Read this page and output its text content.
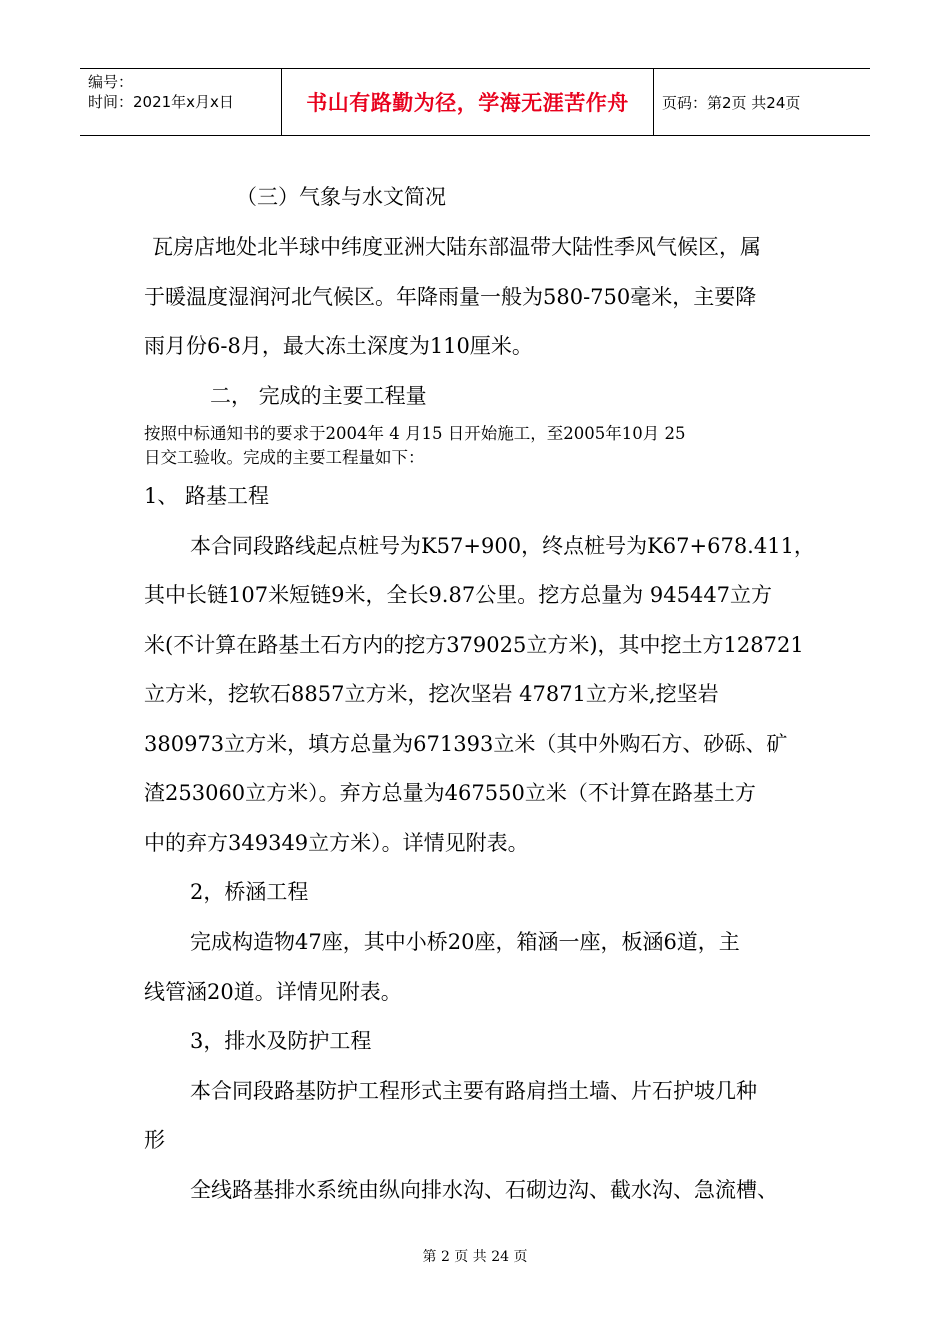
编号：
时间：2021年x月x日	书山有路勤为径，学海无涯苦作舟	页码：第2页 共24页
（三）气象与水文简况
瓦房店地处北半球中纬度亚洲大陆东部温带大陆性季风气候区，属
于暖温度湿润河北气候区。年降雨量一般为580-750毫米，主要降
雨月份6-8月，最大冻土深度为110厘米。
二， 完成的主要工程量
按照中标通知书的要求于2004年 4 月15 日开始施工，至2005年10月 25
日交工验收。完成的主要工程量如下：
1、 路基工程
本合同段路线起点桩号为K57+900，终点桩号为K67+678.411，
其中长链107米短链9米，全长9.87公里。挖方总量为 945447立方
米(不计算在路基土石方内的挖方379025立方米)，其中挖土方128721
立方米，挖软石8857立方米，挖次坚岩 47871立方米,挖坚岩
380973立方米，填方总量为671393立米（其中外购石方、砂砾、矿
渣253060立方米）。弃方总量为467550立米（不计算在路基土方
中的弃方349349立方米）。详情见附表。
2，桥涵工程
完成构造物47座，其中小桥20座，箱涵一座，板涵6道，主
线管涵20道。详情见附表。
3，排水及防护工程
本合同段路基防护工程形式主要有路肩挡土墙、片石护坡几种
形
全线路基排水系统由纵向排水沟、石砌边沟、截水沟、急流槽、
第 2 页 共 24 页
